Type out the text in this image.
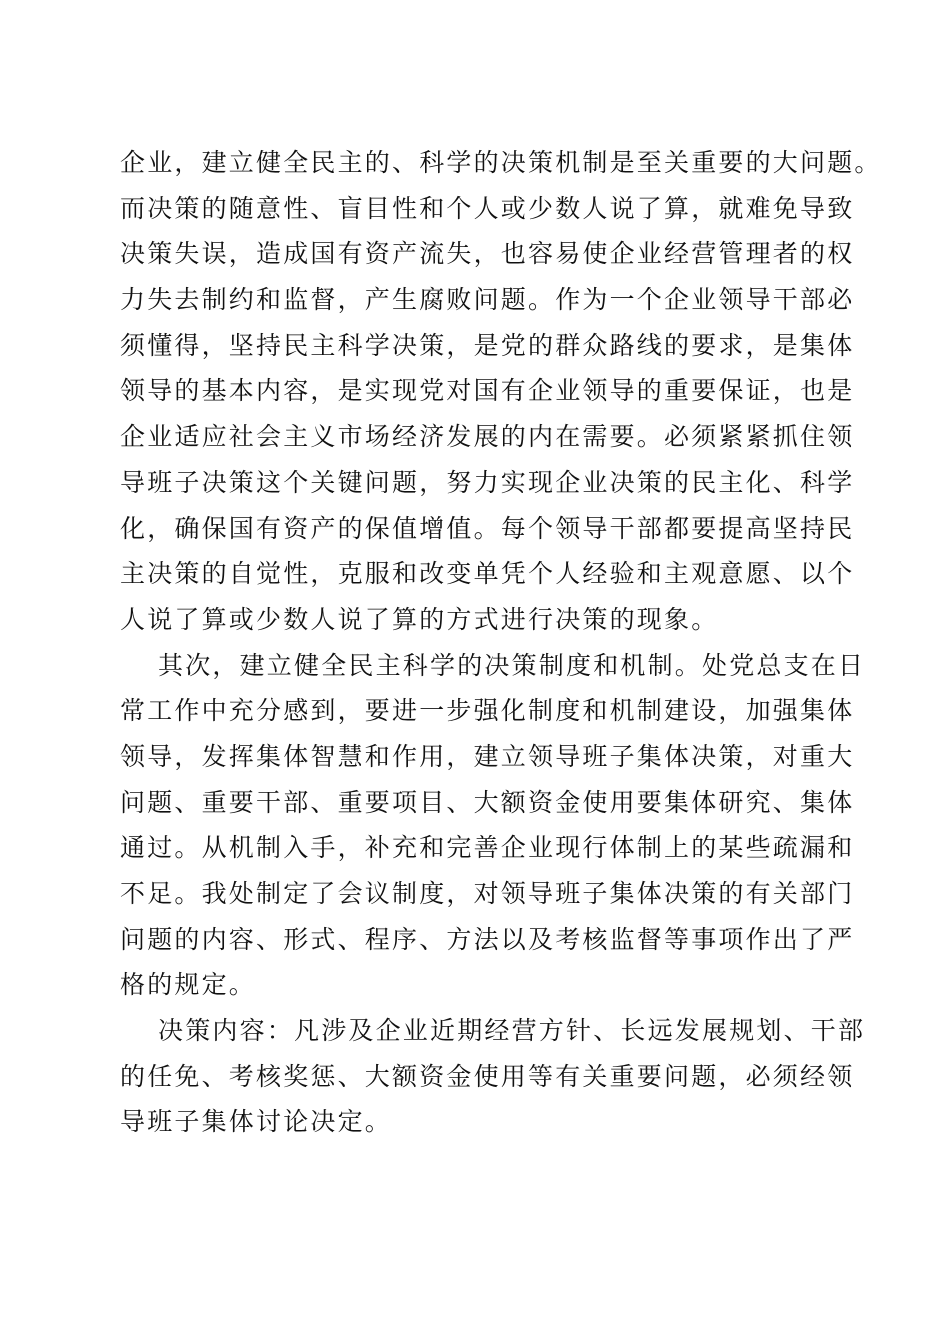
企业，建立健全民主的、科学的决策机制是至关重要的大问题。
而决策的随意性、盲目性和个人或少数人说了算，就难免导致
决策失误，造成国有资产流失，也容易使企业经营管理者的权
力失去制约和监督，产生腐败问题。作为一个企业领导干部必
须懂得，坚持民主科学决策，是党的群众路线的要求，是集体
领导的基本内容，是实现党对国有企业领导的重要保证，也是
企业适应社会主义市场经济发展的内在需要。必须紧紧抓住领
导班子决策这个关键问题，努力实现企业决策的民主化、科学
化，确保国有资产的保值增值。每个领导干部都要提高坚持民
主决策的自觉性，克服和改变单凭个人经验和主观意愿、以个
人说了算或少数人说了算的方式进行决策的现象。
其次，建立健全民主科学的决策制度和机制。处党总支在日
常工作中充分感到，要进一步强化制度和机制建设，加强集体
领导，发挥集体智慧和作用，建立领导班子集体决策，对重大
问题、重要干部、重要项目、大额资金使用要集体研究、集体
通过。从机制入手，补充和完善企业现行体制上的某些疏漏和
不足。我处制定了会议制度，对领导班子集体决策的有关部门
问题的内容、形式、程序、方法以及考核监督等事项作出了严
格的规定。
决策内容：凡涉及企业近期经营方针、长远发展规划、干部
的任免、考核奖惩、大额资金使用等有关重要问题，必须经领
导班子集体讨论决定。
